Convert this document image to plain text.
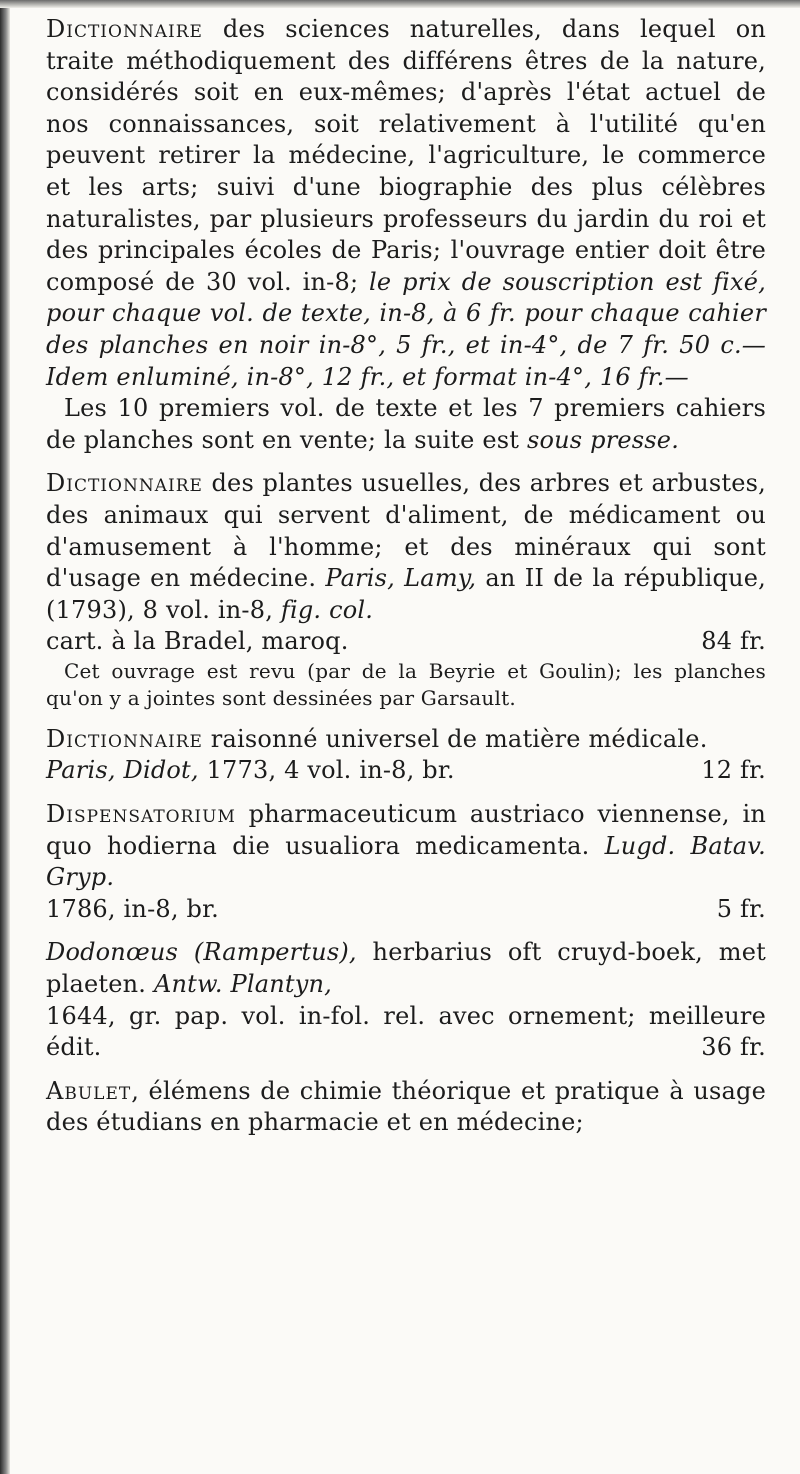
Dictionnaire des sciences naturelles, dans lequel on traite méthodiquement des différens êtres de la nature, considérés soit en eux-mêmes; d'après l'état actuel de nos connaissances, soit relativement à l'utilité qu'en peuvent retirer la médecine, l'agriculture, le commerce et les arts; suivi d'une biographie des plus célèbres naturalistes, par plusieurs professeurs du jardin du roi et des principales écoles de Paris; l'ouvrage entier doit être composé de 30 vol. in-8; le prix de souscription est fixé, pour chaque vol. de texte, in-8, à 6 fr. pour chaque cahier des planches en noir in-8°, 5 fr., et in-4°, de 7 fr. 50 c.— Idem enluminé, in-8°, 12 fr., et format in-4°, 16 fr.—
Les 10 premiers vol. de texte et les 7 premiers cahiers de planches sont en vente; la suite est sous presse.

Dictionnaire des plantes usuelles, des arbres et arbustes, des animaux qui servent d'aliment, de médicament ou d'amusement à l'homme; et des minéraux qui sont d'usage en médecine. Paris, Lamy, an II de la république, (1793), 8 vol. in-8, fig. col.
cart. à la Bradel, maroq.	84 fr.
Cet ouvrage est revu (par de la Beyrie et Goulin); les planches qu'on y a jointes sont dessinées par Garsault.

Dictionnaire raisonné universel de matière médicale.
Paris, Didot, 1773, 4 vol. in-8, br.	12 fr.

Dispensatorium pharmaceuticum austriaco viennense, in quo hodierna die usualiora medicamenta. Lugd. Batav. Gryp.
1786, in-8, br.	5 fr.

Dodonœus (Rampertus), herbarius oft cruyd-boek, met plaeten. Antw. Plantyn,
1644, gr. pap. vol. in-fol. rel. avec ornement; meilleure édit.	36 fr.

Abulet, élémens de chimie théorique et pratique à usage des étudians en pharmacie et en médecine;
